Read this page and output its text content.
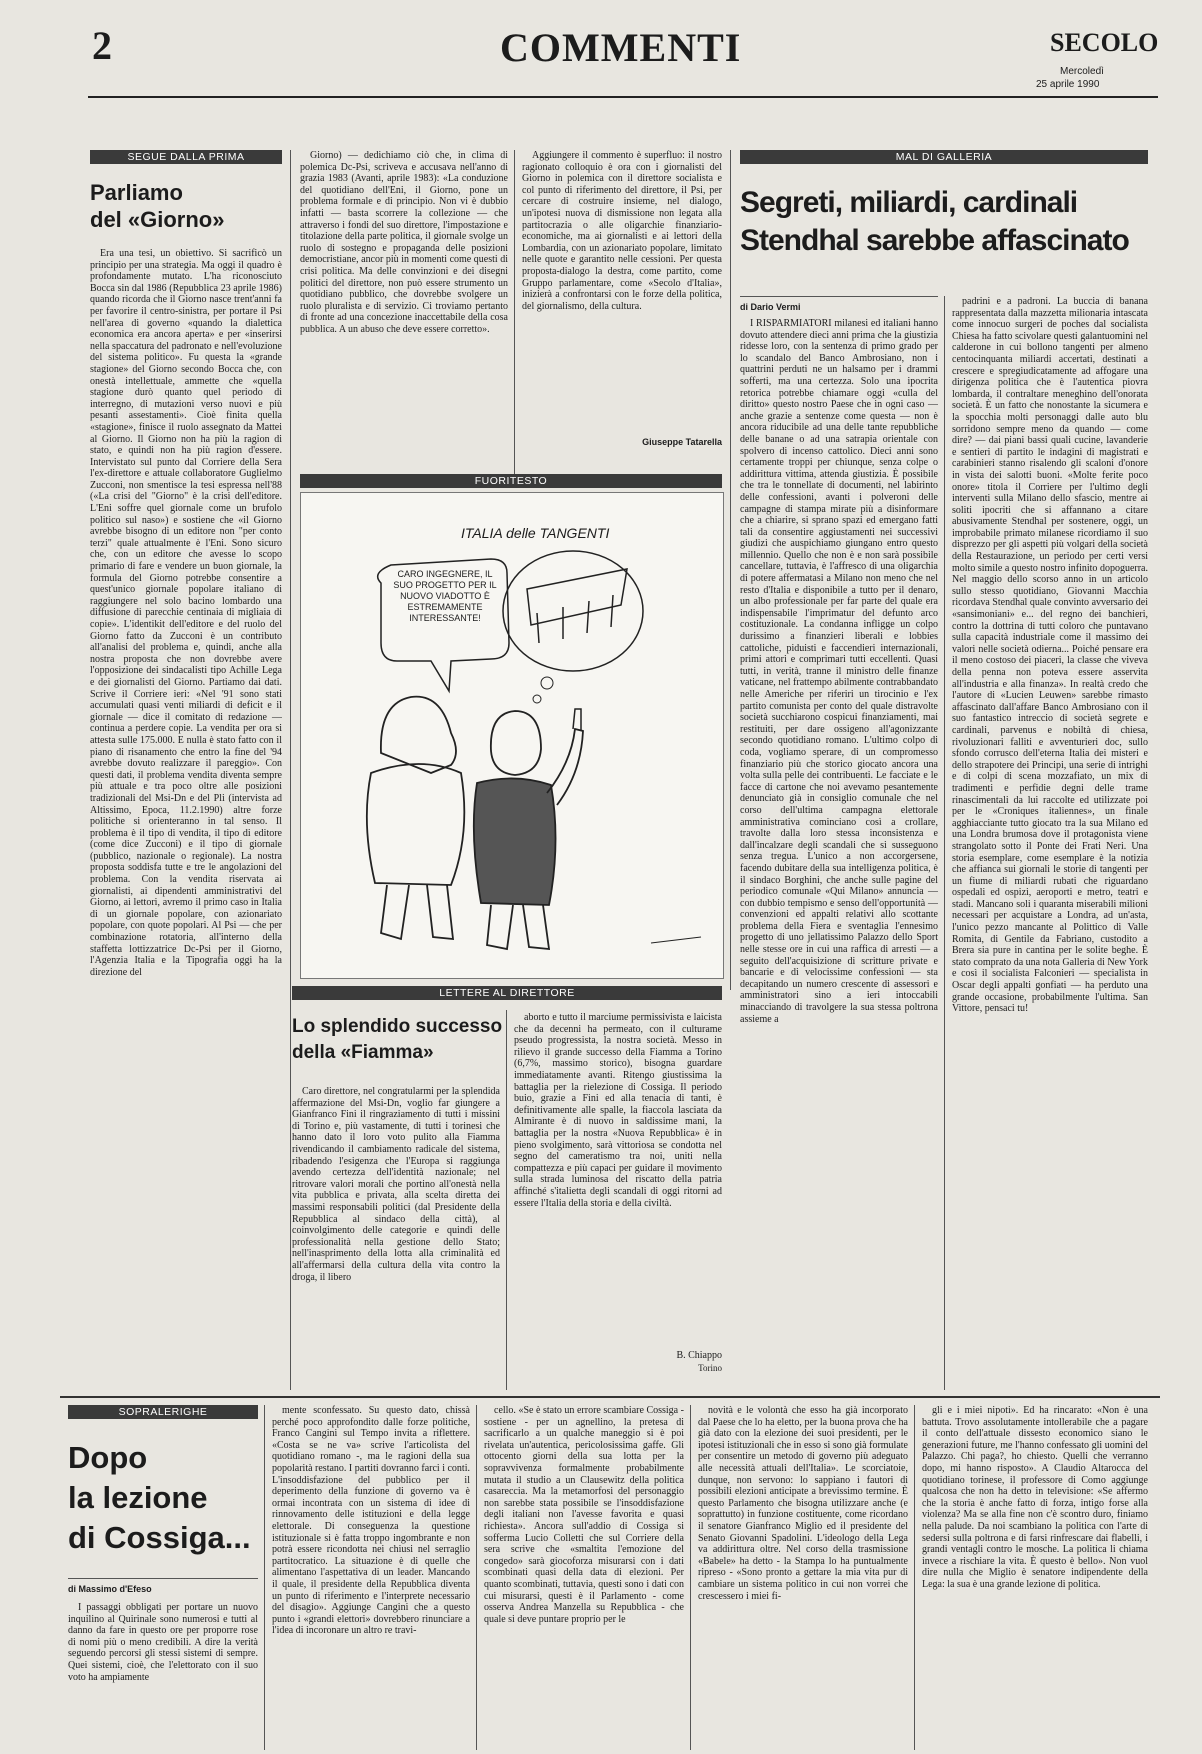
2	COMMENTI	SECOLO
Mercoledì
25 aprile 1990
SEGUE DALLA PRIMA
Parliamo
del «Giorno»

Era una tesi, un obiettivo. Si sacrificò un principio per una strategia. Ma oggi il quadro è profondamente mutato. L'ha riconosciuto Bocca sin dal 1986 (Repubblica 23 aprile 1986) quando ricorda che il Giorno nasce trent'anni fa per favorire il centro-sinistra, per portare il Psi nell'area di governo «quando la dialettica economica era ancora aperta» e per «inserirsi nella spaccatura del padronato e nell'evoluzione del sistema politico». Fu questa la «grande stagione» del Giorno secondo Bocca che, con onestà intellettuale, ammette che «quella stagione durò quanto quel periodo di interregno, di mutazioni verso nuovi e più pesanti assestamenti». Cioè finita quella «stagione», finisce il ruolo assegnato da Mattei al Giorno. Il Giorno non ha più la ragion di stato, e quindi non ha più ragion d'essere. Intervistato sul punto dal Corriere della Sera l'ex-direttore e attuale collaboratore Guglielmo Zucconi, non smentisce la tesi espressa nell'88 («La crisi del "Giorno" è la crisi dell'editore. L'Eni soffre quel giornale come un brufolo politico sul naso») e sostiene che «il Giorno avrebbe bisogno di un editore non "per conto terzi" quale attualmente è l'Eni. Sono sicuro che, con un editore che avesse lo scopo primario di fare e vendere un buon giornale, la formula del Giorno potrebbe consentire a quest'unico giornale popolare italiano di raggiungere nel solo bacino lombardo una diffusione di parecchie centinaia di migliaia di copie». L'identikit dell'editore e del ruolo del Giorno fatto da Zucconi è un contributo all'analisi del problema e, quindi, anche alla nostra proposta che non dovrebbe avere l'opposizione dei sindacalisti tipo Achille Lega e dei giornalisti del Giorno. Partiamo dai dati. Scrive il Corriere ieri: «Nel '91 sono stati accumulati quasi venti miliardi di deficit e il giornale — dice il comitato di redazione — continua a perdere copie. La vendita per ora si attesta sulle 175.000. E nulla è stato fatto con il piano di risanamento che entro la fine del '94 avrebbe dovuto realizzare il pareggio». Con questi dati, il problema vendita diventa sempre più attuale e tra poco oltre alle posizioni tradizionali del Msi-Dn e del Pli (intervista ad Altissimo, Epoca, 11.2.1990) altre forze politiche si orienteranno in tal senso. Il problema è il tipo di vendita, il tipo di editore (come dice Zucconi) e il tipo di giornale (pubblico, nazionale o regionale). La nostra proposta soddisfa tutte e tre le angolazioni del problema. Con la vendita riservata ai giornalisti, ai dipendenti amministrativi del Giorno, ai lettori, avremo il primo caso in Italia di un giornale popolare, con azionariato popolare, con quote popolari. Al Psi — che per combinazione rotatoria, all'interno della staffetta lottizzatrice Dc-Psi per il Giorno, l'Agenzia Italia e la Tipografia oggi ha la direzione del

Giorno) — dedichiamo ciò che, in clima di polemica Dc-Psi, scriveva e accusava nell'anno di grazia 1983 (Avanti, aprile 1983): «La conduzione del quotidiano dell'Eni, il Giorno, pone un problema formale e di principio. Non vi è dubbio infatti — basta scorrere la collezione — che attraverso i fondi del suo direttore, l'impostazione e titolazione della parte politica, il giornale svolge un ruolo di sostegno e propaganda delle posizioni democristiane, ancor più in momenti come questi di crisi politica. Ma delle convinzioni e dei disegni politici del direttore, non può essere strumento un quotidiano pubblico, che dovrebbe svolgere un ruolo pluralista e di servizio. Ci troviamo pertanto di fronte ad una concezione inaccettabile della cosa pubblica. A un abuso che deve essere corretto».

Aggiungere il commento è superfluo: il nostro ragionato colloquio è ora con i giornalisti del Giorno in polemica con il direttore socialista e col punto di riferimento del direttore, il Psi, per cercare di costruire insieme, nel dialogo, un'ipotesi nuova di dismissione non legata alla partitocrazia o alle oligarchie finanziario-economiche, ma ai giornalisti e ai lettori della Lombardia, con un azionariato popolare, limitato nelle quote e garantito nelle cessioni. Per questa proposta-dialogo la destra, come partito, come Gruppo parlamentare, come «Secolo d'Italia», inizierà a confrontarsi con le forze della politica, del giornalismo, della cultura.

Giuseppe Tatarella
FUORITESTO
ITALIA delle TANGENTI
CARO INGEGNERE, IL SUO PROGETTO PER IL NUOVO VIADOTTO È ESTREMAMENTE INTERESSANTE!
MAL DI GALLERIA
Segreti, miliardi, cardinali
Stendhal sarebbe affascinato
di Dario Vermi

I RISPARMIATORI milanesi ed italiani hanno dovuto attendere dieci anni prima che la giustizia ridesse loro, con la sentenza di primo grado per lo scandalo del Banco Ambrosiano, non i quattrini perduti ne un halsamo per i drammi sofferti, ma una certezza. Solo una ipocrita retorica potrebbe chiamare oggi «culla del diritto» questo nostro Paese che in ogni caso — anche grazie a sentenze come questa — non è ancora riducibile ad una delle tante repubbliche delle banane o ad una satrapia orientale con spolvero di incenso cattolico. Dieci anni sono certamente troppi per chiunque, senza colpe o addirittura vittima, attenda giustizia. È possibile che tra le tonnellate di documenti, nel labirinto delle confessioni, avanti i polveroni delle campagne di stampa mirate più a disinformare che a chiarire, si sprano spazi ed emergano fatti tali da consentire aggiustamenti nei successivi giudizi che auspichiamo giungano entro questo millennio. Quello che non è e non sarà possibile cancellare, tuttavia, è l'affresco di una oligarchia di potere affermatasi a Milano non meno che nel resto d'Italia e disponibile a tutto per il denaro, un albo professionale per far parte del quale era indispensabile l'imprimatur del defunto arco costituzionale. La condanna infligge un colpo durissimo a finanzieri liberali e lobbies cattoliche, piduisti e faccendieri internazionali, primi attori e comprimari tutti eccellenti. Quasi tutti, in verità, tranne il ministro delle finanze vaticane, nel frattempo abilmente contrabbandato nelle Americhe per riferiri un tirocinio e l'ex partito comunista per conto del quale distravolte società succhiarono cospicui finanziamenti, mai restituiti, per dare ossigeno all'agonizzante secondo quotidiano romano. L'ultimo colpo di coda, vogliamo sperare, di un compromesso finanziario più che storico giocato ancora una volta sulla pelle dei contribuenti. Le facciate e le facce di cartone che noi avevamo pesantemente denunciato già in consiglio comunale che nel corso dell'ultima campagna elettorale amministrativa cominciano così a crollare, travolte dalla loro stessa inconsistenza e dall'incalzare degli scandali che si susseguono senza tregua. L'unico a non accorgersene, facendo dubitare della sua intelligenza politica, è il sindaco Borghini, che anche sulle pagine del periodico comunale «Qui Milano» annuncia — con dubbio tempismo e senso dell'opportunità — convenzioni ed appalti relativi allo scottante problema della Fiera e sventaglia l'ennesimo progetto di uno jellatissimo Palazzo dello Sport nelle stesse ore in cui una raffica di arresti — a seguito dell'acquisizione di scritture private e bancarie e di velocissime confessioni — sta decapitando un numero crescente di assessori e amministratori sino a ieri intoccabili minacciando di travolgere la sua stessa poltrona assieme a

padrini e a padroni. La buccia di banana rappresentata dalla mazzetta milionaria intascata come innocuo surgeri de poches dal socialista Chiesa ha fatto scivolare questi galantuomini nel calderone in cui bollono tangenti per almeno centocinquanta miliardi accertati, destinati a crescere e spregiudicatamente ad affogare una dirigenza politica che è l'autentica piovra lombarda, il contraltare meneghino dell'onorata società. È un fatto che nonostante la sicumera e la spocchia molti personaggi dalle auto blu sorridono sempre meno da quando — come dire? — dai piani bassi quali cucine, lavanderie e sentieri di partito le indagini di magistrati e carabinieri stanno risalendo gli scaloni d'onore in vista dei salotti buoni. «Molte ferite poco onore» titola il Corriere per l'ultimo degli interventi sulla Milano dello sfascio, mentre ai soliti ipocriti che si affannano a citare abusivamente Stendhal per sostenere, oggi, un improbabile primato milanese ricordiamo il suo disprezzo per gli aspetti più volgari della società della Restaurazione, un periodo per certi versi molto simile a questo nostro infinito dopoguerra. Nel maggio dello scorso anno in un articolo sullo stesso quotidiano, Giovanni Macchia ricordava Stendhal quale convinto avversario dei «sansimoniani» e... del regno dei banchieri, contro la dottrina di tutti coloro che puntavano sulla capacità industriale come il massimo dei valori nelle società odierna... Poiché pensare era il meno costoso dei piaceri, la classe che viveva della penna non poteva essere asservita all'industria e alla finanza». In realtà credo che l'autore di «Lucien Leuwen» sarebbe rimasto affascinato dall'affare Banco Ambrosiano con il suo fantastico intreccio di società segrete e cardinali, parvenus e nobiltà di chiesa, rivoluzionari falliti e avventurieri doc, sullo sfondo corrusco dell'eterna Italia dei misteri e dello strapotere dei Principi, una serie di intrighi e di colpi di scena mozzafiato, un mix di tradimenti e perfidie degni delle trame rinascimentali da lui raccolte ed utilizzate poi per le «Croniques italiennes», un finale agghiacciante tutto giocato tra la sua Milano ed una Londra brumosa dove il protagonista viene strangolato sotto il Ponte dei Frati Neri. Una storia esemplare, come esemplare è la notizia che affianca sui giornali le storie di tangenti per un fiume di miliardi rubati che riguardano ospedali ed ospizi, aeroporti e metro, teatri e stadi. Mancano soli i quaranta miserabili milioni necessari per acquistare a Londra, ad un'asta, l'unico pezzo mancante al Polittico di Valle Romita, di Gentile da Fabriano, custodito a Brera sia pure in cantina per le solite beghe. È stato comprato da una nota Galleria di New York e così il socialista Falconieri — specialista in Oscar degli appalti gonfiati — ha perduto una grande occasione, probabilmente l'ultima. San Vittore, pensaci tu!

LETTERE AL DIRETTORE
Lo splendido successo
della «Fiamma»

Caro direttore, nel congratularmi per la splendida affermazione del Msi-Dn, voglio far giungere a Gianfranco Fini il ringraziamento di tutti i missini di Torino e, più vastamente, di tutti i torinesi che hanno dato il loro voto pulito alla Fiamma rivendicando il cambiamento radicale del sistema, ribadendo l'esigenza che l'Europa si raggiunga avendo certezza dell'identità nazionale; nel ritrovare valori morali che portino all'onestà nella vita pubblica e privata, alla scelta diretta dei massimi responsabili politici (dal Presidente della Repubblica al sindaco della città), al coinvolgimento delle categorie e quindi delle professionalità nella gestione dello Stato; nell'inasprimento della lotta alla criminalità ed all'affermarsi della cultura della vita contro la droga, il libero

aborto e tutto il marciume permissivista e laicista che da decenni ha permeato, con il culturame pseudo progressista, la nostra società. Messo in rilievo il grande successo della Fiamma a Torino (6,7%, massimo storico), bisogna guardare immediatamente avanti. Ritengo giustissima la battaglia per la rielezione di Cossiga. Il periodo buio, grazie a Fini ed alla tenacia di tanti, è definitivamente alle spalle, la fiaccola lasciata da Almirante è di nuovo in saldissime mani, la battaglia per la nostra «Nuova Repubblica» è in pieno svolgimento, sarà vittoriosa se condotta nel segno del cameratismo tra noi, uniti nella compattezza e più capaci per guidare il movimento sulla strada luminosa del riscatto della patria affinché s'italietta degli scandali di oggi ritorni ad essere l'Italia della storia e della civiltà.

B. Chiappo
Torino
SOPRALERIGHE
Dopo
la lezione
di Cossiga...
di Massimo d'Efeso

I passaggi obbligati per portare un nuovo inquilino al Quirinale sono numerosi e tutti al danno da fare in questo ore per proporre rose di nomi più o meno credibili. A dire la verità seguendo percorsi gli stessi sistemi di sempre. Quei sistemi, cioè, che l'elettorato con il suo voto ha ampiamente

mente sconfessato. Su questo dato, chissà perché poco approfondito dalle forze politiche, Franco Cangini sul Tempo invita a riflettere. «Costa se ne va» scrive l'articolista del quotidiano romano -, ma le ragioni della sua popolarità restano. I partiti dovranno farci i conti. L'insoddisfazione del pubblico per il deperimento della funzione di governo va è ormai incontrata con un sistema di idee di rinnovamento delle istituzioni e della legge elettorale. Di conseguenza la questione istituzionale si è fatta troppo ingombrante e non potrà essere ricondotta nei chiusi nel serraglio partitocratico. La situazione è di quelle che alimentano l'aspettativa di un leader. Mancando il quale, il presidente della Repubblica diventa un punto di riferimento e l'interprete necessario del disagio». Aggiunge Cangini che a questo punto i «grandi elettori» dovrebbero rinunciare a l'idea di incoronare un altro re travi-

cello. «Se è stato un errore scambiare Cossiga - sostiene - per un agnellino, la pretesa di sacrificarlo a un qualche maneggio si è poi rivelata un'autentica, pericolosissima gaffe. Gli ottocento giorni della sua lotta per la sopravvivenza formalmente probabilmente mutata il studio a un Clausewitz della politica casareccia. Ma la metamorfosi del personaggio non sarebbe stata possibile se l'insoddisfazione degli italiani non l'avesse favorita e quasi richiesta». Ancora sull'addio di Cossiga si sofferma Lucio Colletti che sul Corriere della sera scrive che «smaltita l'emozione del congedo» sarà giocoforza misurarsi con i dati scombinati quasi della data di elezioni. Per quanto scombinati, tuttavia, questi sono i dati con cui misurarsi, questi è il Parlamento - come osserva Andrea Manzella su Repubblica - che quale si deve puntare proprio per le

novità e le volontà che esso ha già incorporato dal Paese che lo ha eletto, per la buona prova che ha già dato con la elezione dei suoi presidenti, per le ipotesi istituzionali che in esso si sono già formulate per consentire un metodo di governo più adeguato alle necessità attuali dell'Italia». Le scorciatoie, dunque, non servono: lo sappiano i fautori di possibili elezioni anticipate a brevissimo termine. È questo Parlamento che bisogna utilizzare anche (e soprattutto) in funzione costituente, come ricordano il senatore Gianfranco Miglio ed il presidente del Senato Giovanni Spadolini. L'ideologo della Lega va addirittura oltre. Nel corso della trasmissione «Babele» ha detto - la Stampa lo ha puntualmente ripreso - «Sono pronto a gettare la mia vita pur di cambiare un sistema politico in cui non vorrei che crescessero i miei fi-

gli e i miei nipoti». Ed ha rincarato: «Non è una battuta. Trovo assolutamente intollerabile che a pagare il conto dell'attuale dissesto economico siano le generazioni future, me l'hanno confessato gli uomini del Palazzo. Chi paga?, ho chiesto. Quelli che verranno dopo, mi hanno risposto». A Claudio Altarocca del quotidiano torinese, il professore di Como aggiunge qualcosa che non ha detto in televisione: «Se affermo che la storia è anche fatto di forza, intigo forse alla violenza? Ma se alla fine non c'è scontro duro, finiamo nella palude. Da noi scambiano la politica con l'arte di sedersi sulla poltrona e di farsi rinfrescare dai flabelli, i grandi ventagli contro le mosche. La politica li chiama invece a rischiare la vita. È questo è bello». Non vuol dire nulla che Miglio è senatore indipendente della Lega: la sua è una grande lezione di politica.
